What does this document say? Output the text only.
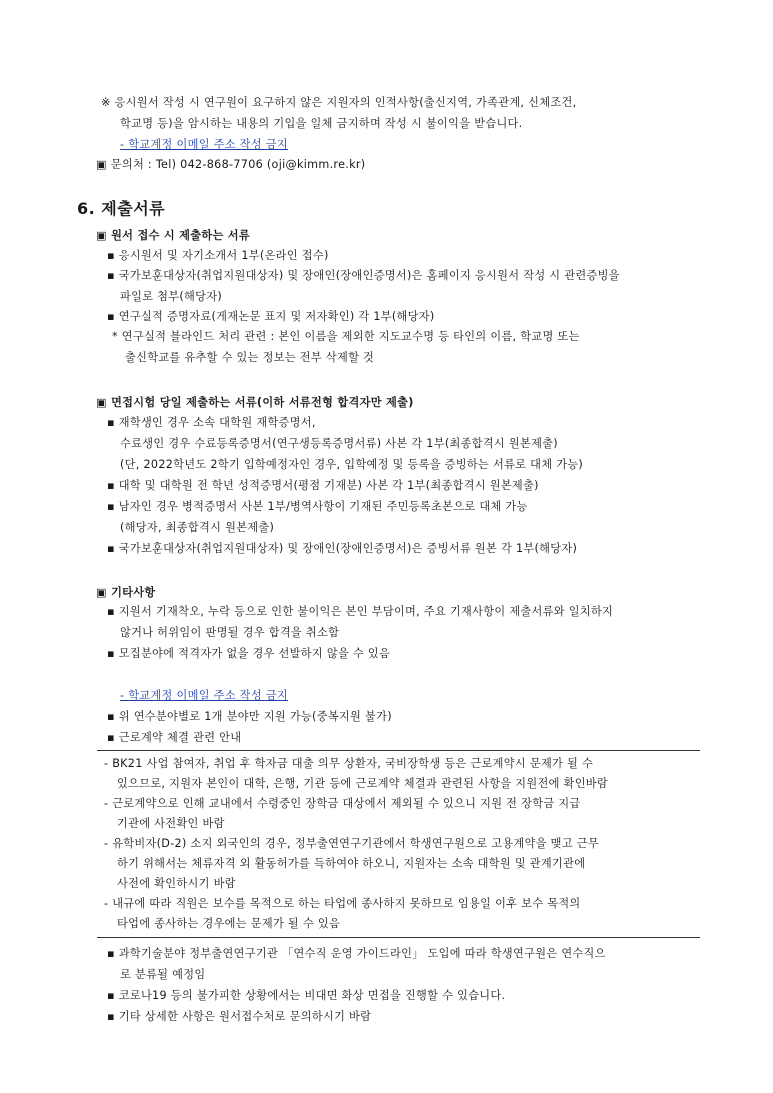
※ 응시원서 작성 시 연구원이 요구하지 않은 지원자의 인적사항(출신지역, 가족관계, 신체조건,
학교명 등)을 암시하는 내용의 기입을 일체 금지하며 작성 시 불이익을 받습니다.
- 학교계정 이메일 주소 작성 금지
▣ 문의처 : Tel) 042-868-7706 (oji@kimm.re.kr)
6. 제출서류
▣ 원서 접수 시 제출하는 서류
▪ 응시원서 및 자기소개서 1부(온라인 접수)
▪ 국가보훈대상자(취업지원대상자) 및 장애인(장애인증명서)은 홈페이지 응시원서 작성 시 관련증빙을
파일로 첨부(해당자)
▪ 연구실적 증명자료(게재논문 표지 및 저자확인) 각 1부(해당자)
* 연구실적 블라인드 처리 관련 : 본인 이름을 제외한 지도교수명 등 타인의 이름, 학교명 또는
출신학교를 유추할 수 있는 정보는 전부 삭제할 것
▣ 면접시험 당일 제출하는 서류(이하 서류전형 합격자만 제출)
▪ 재학생인 경우 소속 대학원 재학증명서,
수료생인 경우 수료등록증명서(연구생등록증명서류) 사본 각 1부(최종합격시 원본제출)
(단, 2022학년도 2학기 입학예정자인 경우, 입학예정 및 등록을 증빙하는 서류로 대체 가능)
▪ 대학 및 대학원 전 학년 성적증명서(평점 기재분) 사본 각 1부(최종합격시 원본제출)
▪ 남자인 경우 병적증명서 사본 1부/병역사항이 기재된 주민등록초본으로 대체 가능
(해당자, 최종합격시 원본제출)
▪ 국가보훈대상자(취업지원대상자) 및 장애인(장애인증명서)은 증빙서류 원본 각 1부(해당자)
▣ 기타사항
▪ 지원서 기재착오, 누락 등으로 인한 불이익은 본인 부담이며, 주요 기재사항이 제출서류와 일치하지
않거나 허위임이 판명될 경우 합격을 취소함
▪ 모집분야에 적격자가 없을 경우 선발하지 않을 수 있음
- 학교계정 이메일 주소 작성 금지
▪ 위 연수분야별로 1개 분야만 지원 가능(중복지원 불가)
▪ 근로계약 체결 관련 안내
- BK21 사업 참여자, 취업 후 학자금 대출 의무 상환자, 국비장학생 등은 근로계약시 문제가 될 수
있으므로, 지원자 본인이 대학, 은행, 기관 등에 근로계약 체결과 관련된 사항을 지원전에 확인바람
- 근로계약으로 인해 교내에서 수령중인 장학금 대상에서 제외될 수 있으니 지원 전 장학금 지급
기관에 사전확인 바람
- 유학비자(D-2) 소지 외국인의 경우, 정부출연연구기관에서 학생연구원으로 고용계약을 맺고 근무
하기 위해서는 체류자격 외 활동허가를 득하여야 하오니, 지원자는 소속 대학원 및 관계기관에
사전에 확인하시기 바람
- 내규에 따라 직원은 보수를 목적으로 하는 타업에 종사하지 못하므로 임용일 이후 보수 목적의
타업에 종사하는 경우에는 문제가 될 수 있음
▪ 과학기술분야 정부출연연구기관 「연수직 운영 가이드라인」 도입에 따라 학생연구원은 연수직으
로 분류될 예정임
▪ 코로나19 등의 불가피한 상황에서는 비대면 화상 면접을 진행할 수 있습니다.
▪ 기타 상세한 사항은 원서접수처로 문의하시기 바람
